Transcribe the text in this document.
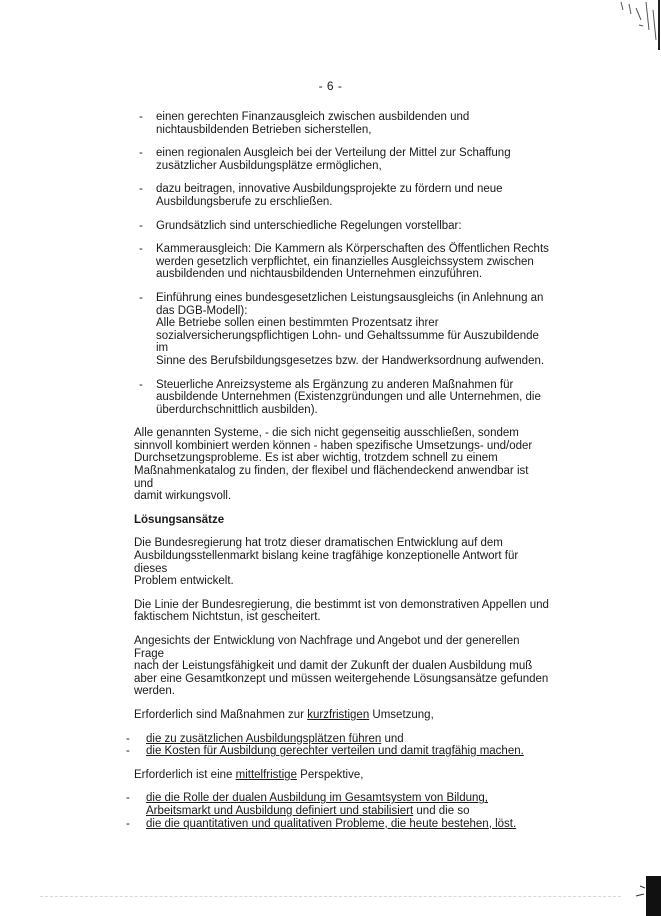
- 6 -
- einen gerechten Finanzausgleich zwischen ausbildenden und
nichtausbildenden Betrieben sicherstellen,
- einen regionalen Ausgleich bei der Verteilung der Mittel zur Schaffung
zusätzlicher Ausbildungsplätze ermöglichen,
- dazu beitragen, innovative Ausbildungsprojekte zu fördern und neue
Ausbildungsberufe zu erschließen.
- Grundsätzlich sind unterschiedliche Regelungen vorstellbar:
- Kammerausgleich: Die Kammern als Körperschaften des Öffentlichen Rechts
werden gesetzlich verpflichtet, ein finanzielles Ausgleichssystem zwischen
ausbildenden und nichtausbildenden Unternehmen einzuführen.
- Einführung eines bundesgesetzlichen Leistungsausgleichs (in Anlehnung an
das DGB-Modell):
Alle Betriebe sollen einen bestimmten Prozentsatz ihrer
sozialversicherungspflichtigen Lohn- und Gehaltssumme für Auszubildende im
Sinne des Berufsbildungsgesetzes bzw. der Handwerksordnung aufwenden.
- Steuerliche Anreizsysteme als Ergänzung zu anderen Maßnahmen für
ausbildende Unternehmen (Existenzgründungen und alle Unternehmen, die
überdurchschnittlich ausbilden).
Alle genannten Systeme, - die sich nicht gegenseitig ausschließen, sondem
sinnvoll kombiniert werden können - haben spezifische Umsetzungs- und/oder
Durchsetzungsprobleme. Es ist aber wichtig, trotzdem schnell zu einem
Maßnahmenkatalog zu finden, der flexibel und flächendeckend anwendbar ist und
damit wirkungsvoll.
Lösungsansätze
Die Bundesregierung hat trotz dieser dramatischen Entwicklung auf dem
Ausbildungsstellenmarkt bislang keine tragfähige konzeptionelle Antwort für dieses
Problem entwickelt.
Die Linie der Bundesregierung, die bestimmt ist von demonstrativen Appellen und
faktischem Nichtstun, ist gescheitert.
Angesichts der Entwicklung von Nachfrage und Angebot und der generellen Frage
nach der Leistungsfähigkeit und damit der Zukunft der dualen Ausbildung muß
aber eine Gesamtkonzept und müssen weitergehende Lösungsansätze gefunden
werden.
Erforderlich sind Maßnahmen zur kurzfristigen Umsetzung,
- die zu zusätzlichen Ausbildungsplätzen führen und
- die Kosten für Ausbildung gerechter verteilen und damit tragfähig machen.
Erforderlich ist eine mittelfristige Perspektive,
- die die Rolle der dualen Ausbildung im Gesamtsystem von Bildung,
Arbeitsmarkt und Ausbildung definiert und stabilisiert und die so
- die die quantitativen und qualitativen Probleme, die heute bestehen, löst.
